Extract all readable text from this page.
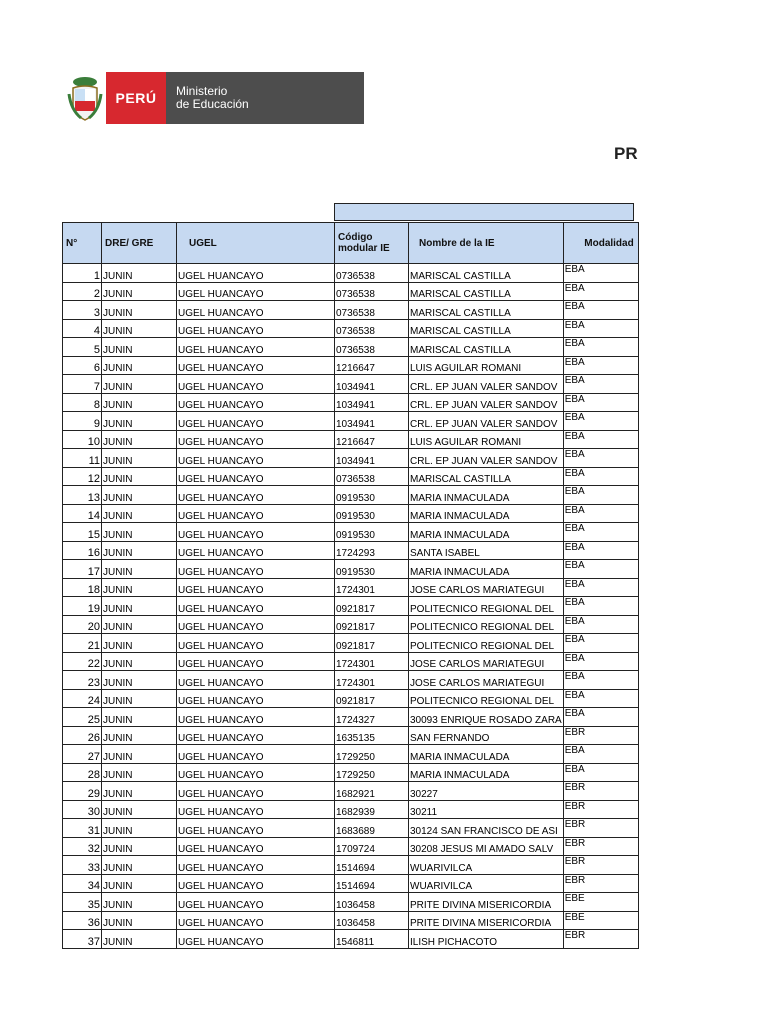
PERÚ	Ministerio
de Educación
PR
N°	DRE/ GRE	UGEL	Código modular IE	Nombre de la IE	Modalidad
1	JUNIN	UGEL HUANCAYO	0736538	MARISCAL CASTILLA	EBA
2	JUNIN	UGEL HUANCAYO	0736538	MARISCAL CASTILLA	EBA
3	JUNIN	UGEL HUANCAYO	0736538	MARISCAL CASTILLA	EBA
4	JUNIN	UGEL HUANCAYO	0736538	MARISCAL CASTILLA	EBA
5	JUNIN	UGEL HUANCAYO	0736538	MARISCAL CASTILLA	EBA
6	JUNIN	UGEL HUANCAYO	1216647	LUIS AGUILAR ROMANI	EBA
7	JUNIN	UGEL HUANCAYO	1034941	CRL. EP JUAN VALER SANDOV	EBA
8	JUNIN	UGEL HUANCAYO	1034941	CRL. EP JUAN VALER SANDOV	EBA
9	JUNIN	UGEL HUANCAYO	1034941	CRL. EP JUAN VALER SANDOV	EBA
10	JUNIN	UGEL HUANCAYO	1216647	LUIS AGUILAR ROMANI	EBA
11	JUNIN	UGEL HUANCAYO	1034941	CRL. EP JUAN VALER SANDOV	EBA
12	JUNIN	UGEL HUANCAYO	0736538	MARISCAL CASTILLA	EBA
13	JUNIN	UGEL HUANCAYO	0919530	MARIA INMACULADA	EBA
14	JUNIN	UGEL HUANCAYO	0919530	MARIA INMACULADA	EBA
15	JUNIN	UGEL HUANCAYO	0919530	MARIA INMACULADA	EBA
16	JUNIN	UGEL HUANCAYO	1724293	SANTA ISABEL	EBA
17	JUNIN	UGEL HUANCAYO	0919530	MARIA INMACULADA	EBA
18	JUNIN	UGEL HUANCAYO	1724301	JOSE CARLOS MARIATEGUI	EBA
19	JUNIN	UGEL HUANCAYO	0921817	POLITECNICO REGIONAL DEL	EBA
20	JUNIN	UGEL HUANCAYO	0921817	POLITECNICO REGIONAL DEL	EBA
21	JUNIN	UGEL HUANCAYO	0921817	POLITECNICO REGIONAL DEL	EBA
22	JUNIN	UGEL HUANCAYO	1724301	JOSE CARLOS MARIATEGUI	EBA
23	JUNIN	UGEL HUANCAYO	1724301	JOSE CARLOS MARIATEGUI	EBA
24	JUNIN	UGEL HUANCAYO	0921817	POLITECNICO REGIONAL DEL	EBA
25	JUNIN	UGEL HUANCAYO	1724327	30093 ENRIQUE ROSADO ZARA	EBA
26	JUNIN	UGEL HUANCAYO	1635135	SAN FERNANDO	EBR
27	JUNIN	UGEL HUANCAYO	1729250	MARIA INMACULADA	EBA
28	JUNIN	UGEL HUANCAYO	1729250	MARIA INMACULADA	EBA
29	JUNIN	UGEL HUANCAYO	1682921	30227	EBR
30	JUNIN	UGEL HUANCAYO	1682939	30211	EBR
31	JUNIN	UGEL HUANCAYO	1683689	30124 SAN FRANCISCO DE ASI	EBR
32	JUNIN	UGEL HUANCAYO	1709724	30208 JESUS MI AMADO SALV	EBR
33	JUNIN	UGEL HUANCAYO	1514694	WUARIVILCA	EBR
34	JUNIN	UGEL HUANCAYO	1514694	WUARIVILCA	EBR
35	JUNIN	UGEL HUANCAYO	1036458	PRITE DIVINA MISERICORDIA	EBE
36	JUNIN	UGEL HUANCAYO	1036458	PRITE DIVINA MISERICORDIA	EBE
37	JUNIN	UGEL HUANCAYO	1546811	ILISH PICHACOTO	EBR
